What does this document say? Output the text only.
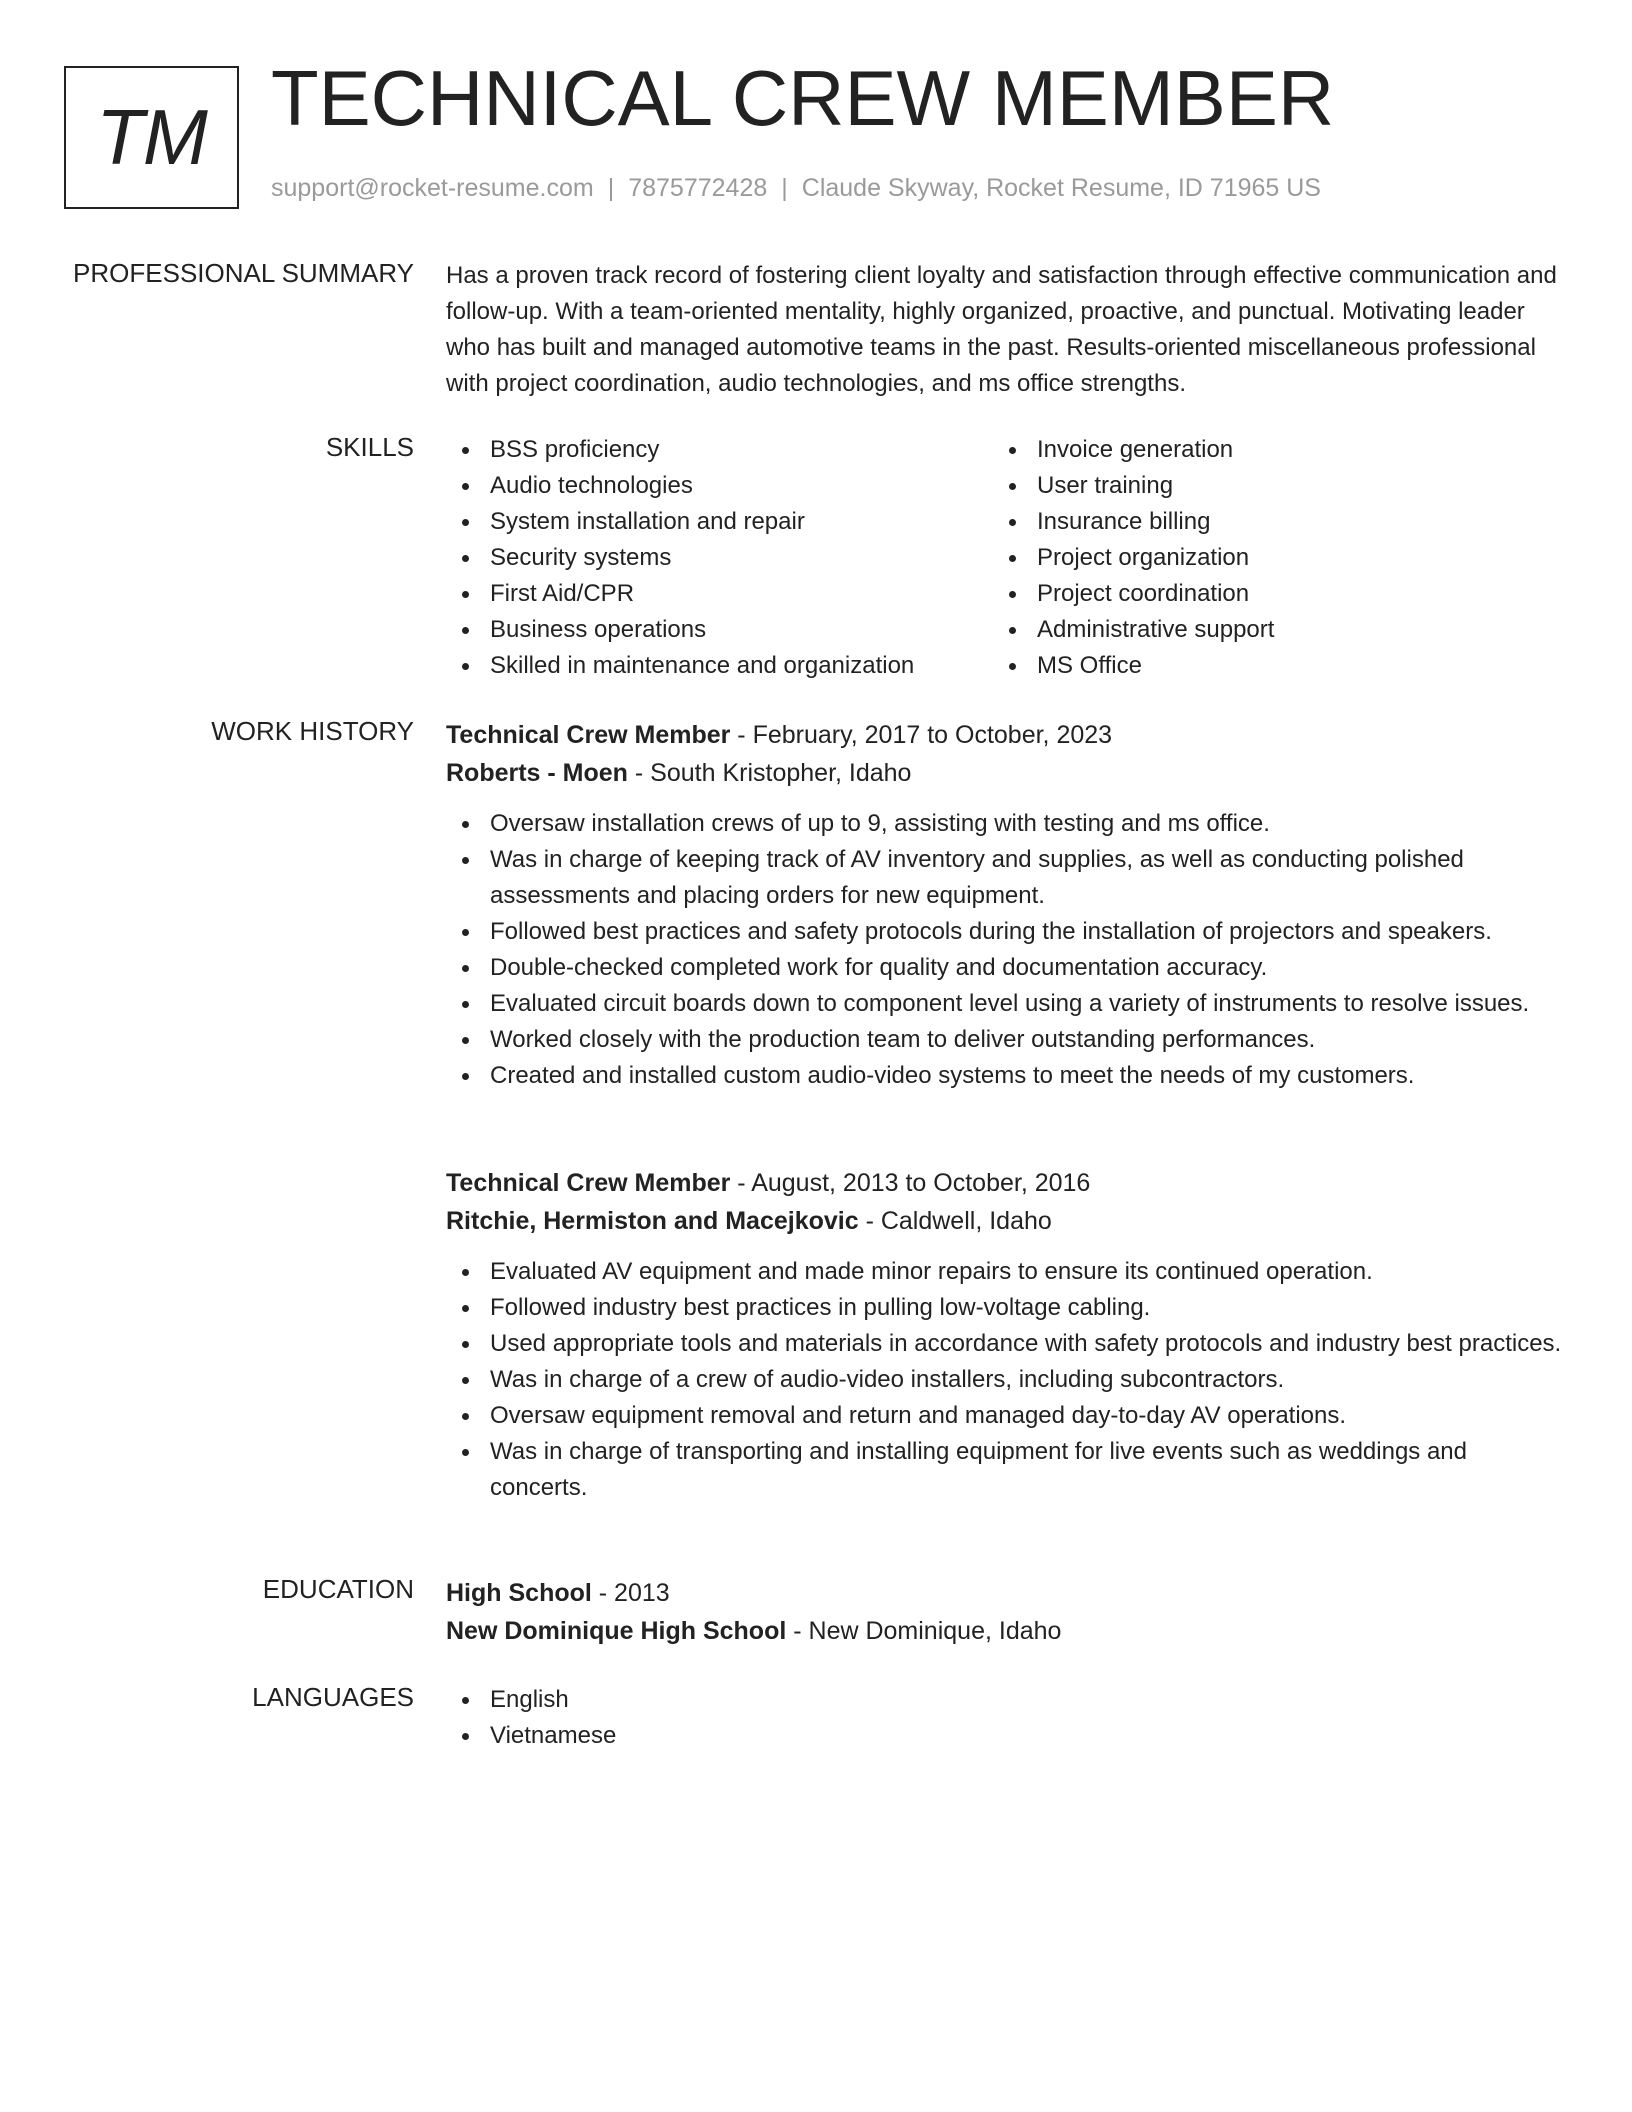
TM TECHNICAL CREW MEMBER
support@rocket-resume.com | 7875772428 | Claude Skyway, Rocket Resume, ID 71965 US
PROFESSIONAL SUMMARY Has a proven track record of fostering client loyalty and satisfaction through effective communication and follow-up. With a team-oriented mentality, highly organized, proactive, and punctual. Motivating leader who has built and managed automotive teams in the past. Results-oriented miscellaneous professional with project coordination, audio technologies, and ms office strengths.
SKILLS	BSS proficiency
Audio technologies
System installation and repair
Security systems
First Aid/CPR
Business operations
Skilled in maintenance and organization
Invoice generation
User training
Insurance billing
Project organization
Project coordination
Administrative support
MS Office
WORK HISTORY Technical Crew Member - February, 2017 to October, 2023
Roberts - Moen - South Kristopher, Idaho
Oversaw installation crews of up to 9, assisting with testing and ms office.
Was in charge of keeping track of AV inventory and supplies, as well as conducting polished assessments and placing orders for new equipment.
Followed best practices and safety protocols during the installation of projectors and speakers.
Double-checked completed work for quality and documentation accuracy.
Evaluated circuit boards down to component level using a variety of instruments to resolve issues.
Worked closely with the production team to deliver outstanding performances.
Created and installed custom audio-video systems to meet the needs of my customers.
Technical Crew Member - August, 2013 to October, 2016
Ritchie, Hermiston and Macejkovic - Caldwell, Idaho
Evaluated AV equipment and made minor repairs to ensure its continued operation.
Followed industry best practices in pulling low-voltage cabling.
Used appropriate tools and materials in accordance with safety protocols and industry best practices.
Was in charge of a crew of audio-video installers, including subcontractors.
Oversaw equipment removal and return and managed day-to-day AV operations.
Was in charge of transporting and installing equipment for live events such as weddings and concerts.
EDUCATION High School - 2013
New Dominique High School - New Dominique, Idaho
LANGUAGES	English
Vietnamese
